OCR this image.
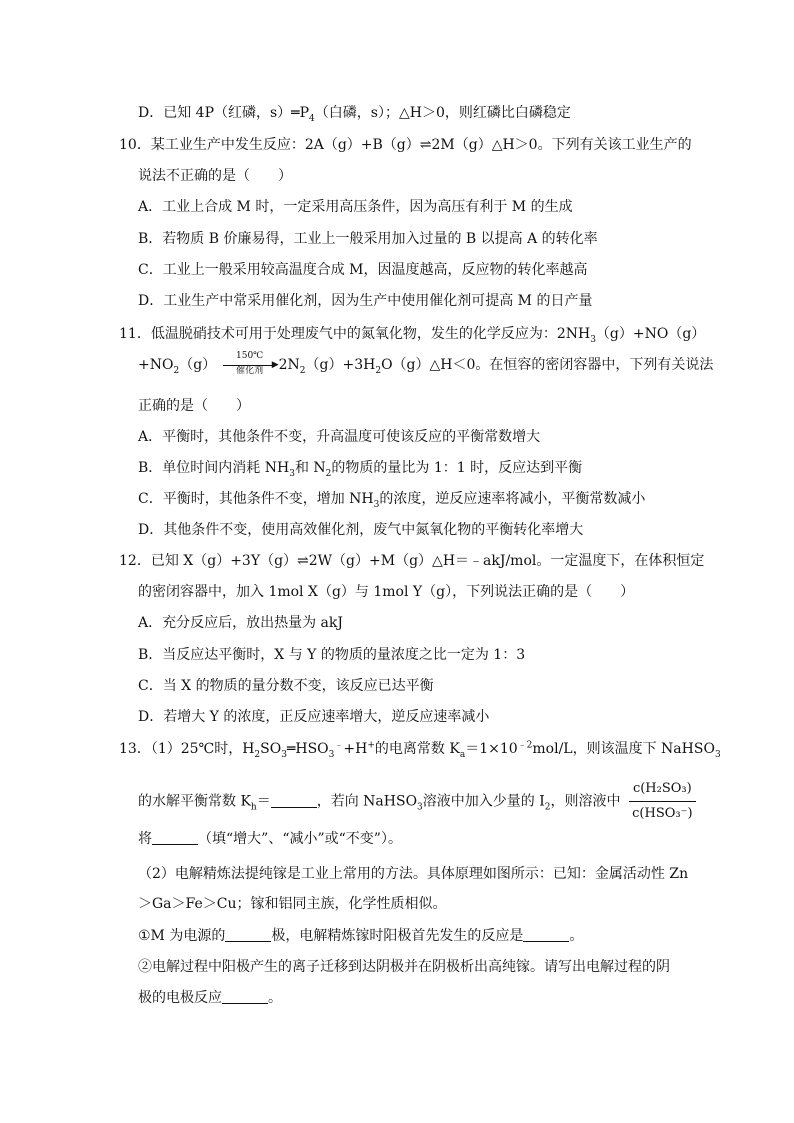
D．已知 4P（红磷，$s)═P_4$（白磷，s）；△H＞0，则红磷比白磷稳定
10．某工业生产中发生反应：2A（g）+B（g）⇌2M（g）△H＞0。下列有关该工业生产的
说法不正确的是（　　）
A．工业上合成 M 时，一定采用高压条件，因为高压有利于 M 的生成
B．若物质 B 价廉易得，工业上一般采用加入过量的 B 以提高 A 的转化率
C．工业上一般采用较高温度合成 M，因温度越高，反应物的转化率越高
D．工业生产中常采用催化剂，因为生产中使用催化剂可提高 M 的日产量
11．低温脱硝技术可用于处理废气中的氮氧化物，发生的化学反应为：$2NH_3(g)+NO(g)$
$+NO_2(g)$
150℃
▶
催化剂	$2N_2(g)+3H_2O(g)\triangle H<0$。在恒容的密闭容器中，下列有关说法
正确的是（　　）
A．平衡时，其他条件不变，升高温度可使该反应的平衡常数增大
B．单位时间内消耗 $NH_3$和 $N_2$的物质的量比为 1：1 时，反应达到平衡
C．平衡时，其他条件不变，增加 $NH_3$的浓度，逆反应速率将减小，平衡常数减小
D．其他条件不变，使用高效催化剂，废气中氮氧化物的平衡转化率增大
12．已知 X（g）+3Y（g）⇌2W（g）+M（g）△H＝﹣akJ/mol。一定温度下，在体积恒定
的密闭容器中，加入 1mol X（g）与 1mol Y（g），下列说法正确的是（　　）
A．充分反应后，放出热量为 akJ
B．当反应达平衡时，X 与 Y 的物质的量浓度之比一定为 1：3
C．当 X 的物质的量分数不变，该反应已达平衡
D．若增大 Y 的浓度，正反应速率增大，逆反应速率减小
13．（1）25℃时，$H_2SO_3═HSO_3^﹣+H^+$的电离常数 $K_a=1\times 10^{﹣2}mol/L$，则该温度下 NaHSO$_3$
的水解平衡常数 $K_h=$	，若向 NaHSO$_3$溶液中加入少量的 $I_2$，则溶液中 $\frac{\text{c(H₂SO₃)}}{\text{c(HSO₃⁻)}}$
将	（填“增大”、“减小”或“不变”）。
（2）电解精炼法提纯镓是工业上常用的方法。具体原理如图所示：已知：金属活动性 Zn
＞Ga＞Fe＞Cu；镓和铝同主族，化学性质相似。
①M 为电源的	极，电解精炼镓时阳极首先发生的反应是	。
②电解过程中阳极产生的离子迁移到达阴极并在阴极析出高纯镓。请写出电解过程的阴
极的电极反应	。
